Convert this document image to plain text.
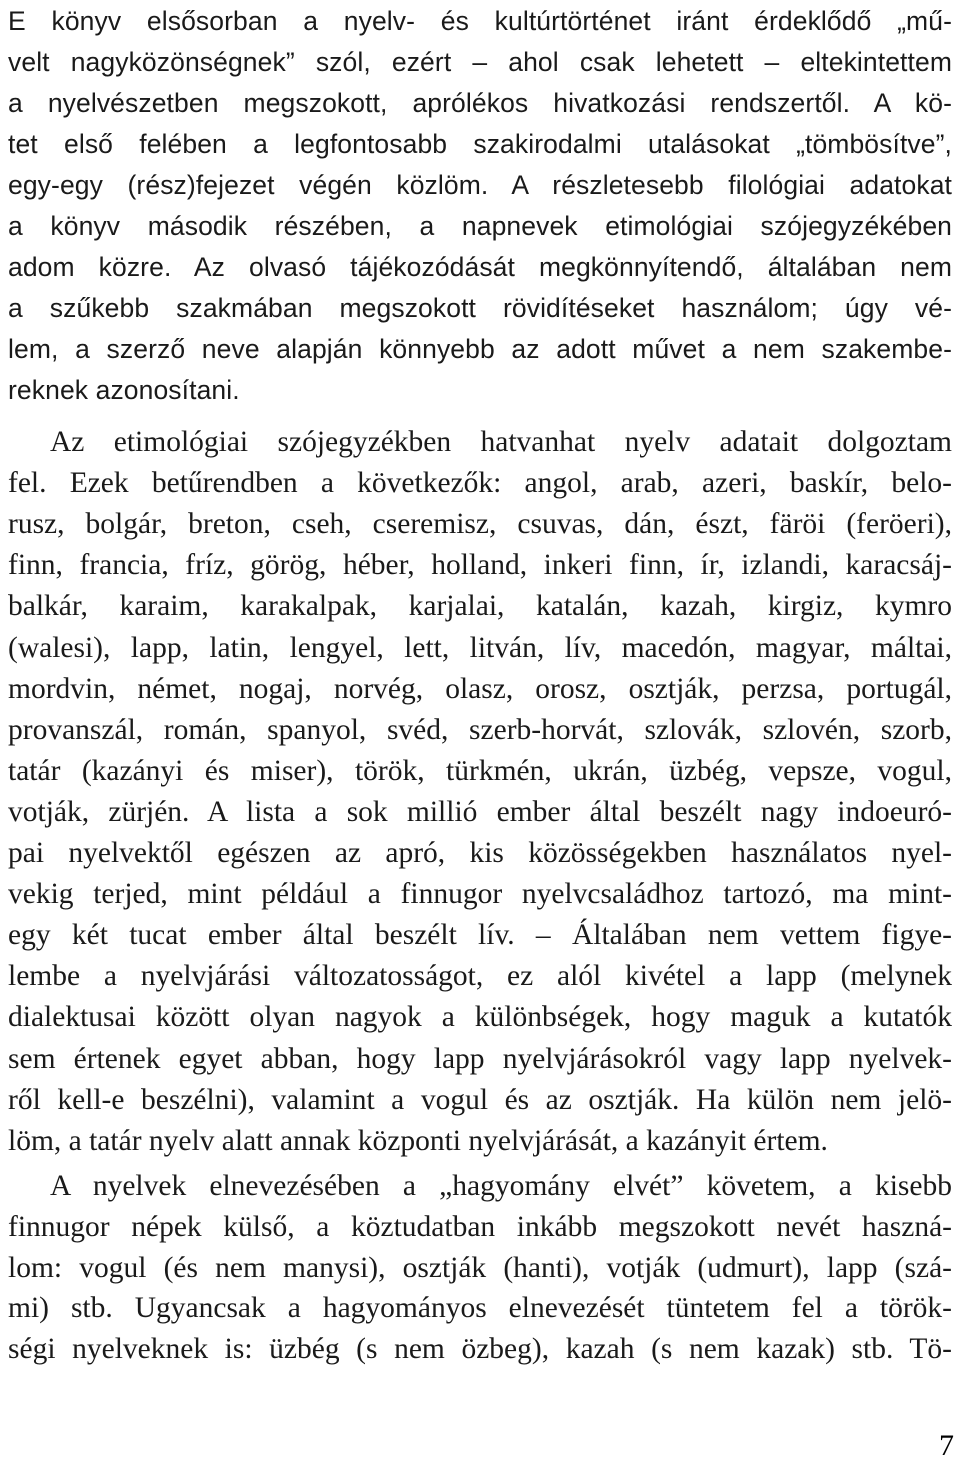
E könyv elsősorban a nyelv- és kultúrtörténet iránt érdeklődő „mű-
velt nagyközönségnek” szól, ezért – ahol csak lehetett – eltekintettem
a nyelvészetben megszokott, aprólékos hivatkozási rendszertől. A kö-
tet első felében a legfontosabb szakirodalmi utalásokat „tömbösítve”,
egy-egy (rész)fejezet végén közlöm. A részletesebb filológiai adatokat
a könyv második részében, a napnevek etimológiai szójegyzékében
adom közre. Az olvasó tájékozódását megkönnyítendő, általában nem
a szűkebb szakmában megszokott rövidítéseket használom; úgy vé-
lem, a szerző neve alapján könnyebb az adott művet a nem szakembe-
reknek azonosítani.
Az etimológiai szójegyzékben hatvanhat nyelv adatait dolgoztam
fel. Ezek betűrendben a következők: angol, arab, azeri, baskír, belo-
rusz, bolgár, breton, cseh, cseremisz, csuvas, dán, észt, färöi (feröeri),
finn, francia, fríz, görög, héber, holland, inkeri finn, ír, izlandi, karacsáj-
balkár, karaim, karakalpak, karjalai, katalán, kazah, kirgiz, kymro
(walesi), lapp, latin, lengyel, lett, litván, lív, macedón, magyar, máltai,
mordvin, német, nogaj, norvég, olasz, orosz, osztják, perzsa, portugál,
provanszál, román, spanyol, svéd, szerb-horvát, szlovák, szlovén, szorb,
tatár (kazányi és miser), török, türkmén, ukrán, üzbég, vepsze, vogul,
votják, zürjén. A lista a sok millió ember által beszélt nagy indoeuró-
pai nyelvektől egészen az apró, kis közösségekben használatos nyel-
vekig terjed, mint például a finnugor nyelvcsaládhoz tartozó, ma mint-
egy két tucat ember által beszélt lív. – Általában nem vettem figye-
lembe a nyelvjárási változatosságot, ez alól kivétel a lapp (melynek
dialektusai között olyan nagyok a különbségek, hogy maguk a kutatók
sem értenek egyet abban, hogy lapp nyelvjárásokról vagy lapp nyelvek-
ről kell-e beszélni), valamint a vogul és az osztják. Ha külön nem jelö-
löm, a tatár nyelv alatt annak központi nyelvjárását, a kazányit értem.
A nyelvek elnevezésében a „hagyomány elvét” követem, a kisebb
finnugor népek külső, a köztudatban inkább megszokott nevét haszná-
lom: vogul (és nem manysi), osztják (hanti), votják (udmurt), lapp (szá-
mi) stb. Ugyancsak a hagyományos elnevezését tüntetem fel a török-
ségi nyelveknek is: üzbég (s nem özbeg), kazah (s nem kazak) stb. Tö-
7
